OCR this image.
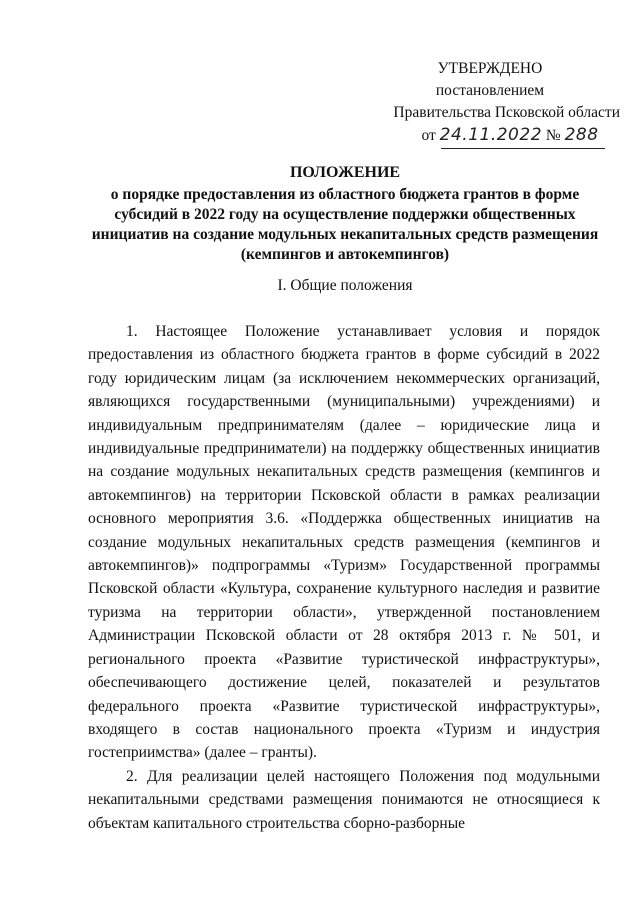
УТВЕРЖДЕНО
постановлением
Правительства Псковской области
от 24.11.2022 № 288
ПОЛОЖЕНИЕ
о порядке предоставления из областного бюджета грантов в форме субсидий в 2022 году на осуществление поддержки общественных инициатив на создание модульных некапитальных средств размещения (кемпингов и автокемпингов)
I. Общие положения

1. Настоящее Положение устанавливает условия и порядок предоставления из областного бюджета грантов в форме субсидий в 2022 году юридическим лицам (за исключением некоммерческих организаций, являющихся государственными (муниципальными) учреждениями) и индивидуальным предпринимателям (далее – юридические лица и индивидуальные предприниматели) на поддержку общественных инициатив на создание модульных некапитальных средств размещения (кемпингов и автокемпингов) на территории Псковской области в рамках реализации основного мероприятия 3.6. «Поддержка общественных инициатив на создание модульных некапитальных средств размещения (кемпингов и автокемпингов)» подпрограммы «Туризм» Государственной программы Псковской области «Культура, сохранение культурного наследия и развитие туризма на территории области», утвержденной постановлением Администрации Псковской области от 28 октября 2013 г. № 501, и регионального проекта «Развитие туристической инфраструктуры», обеспечивающего достижение целей, показателей и результатов федерального проекта «Развитие туристической инфраструктуры», входящего в состав национального проекта «Туризм и индустрия гостеприимства» (далее – гранты).

2. Для реализации целей настоящего Положения под модульными некапитальными средствами размещения понимаются не относящиеся к объектам капитального строительства сборно-разборные
